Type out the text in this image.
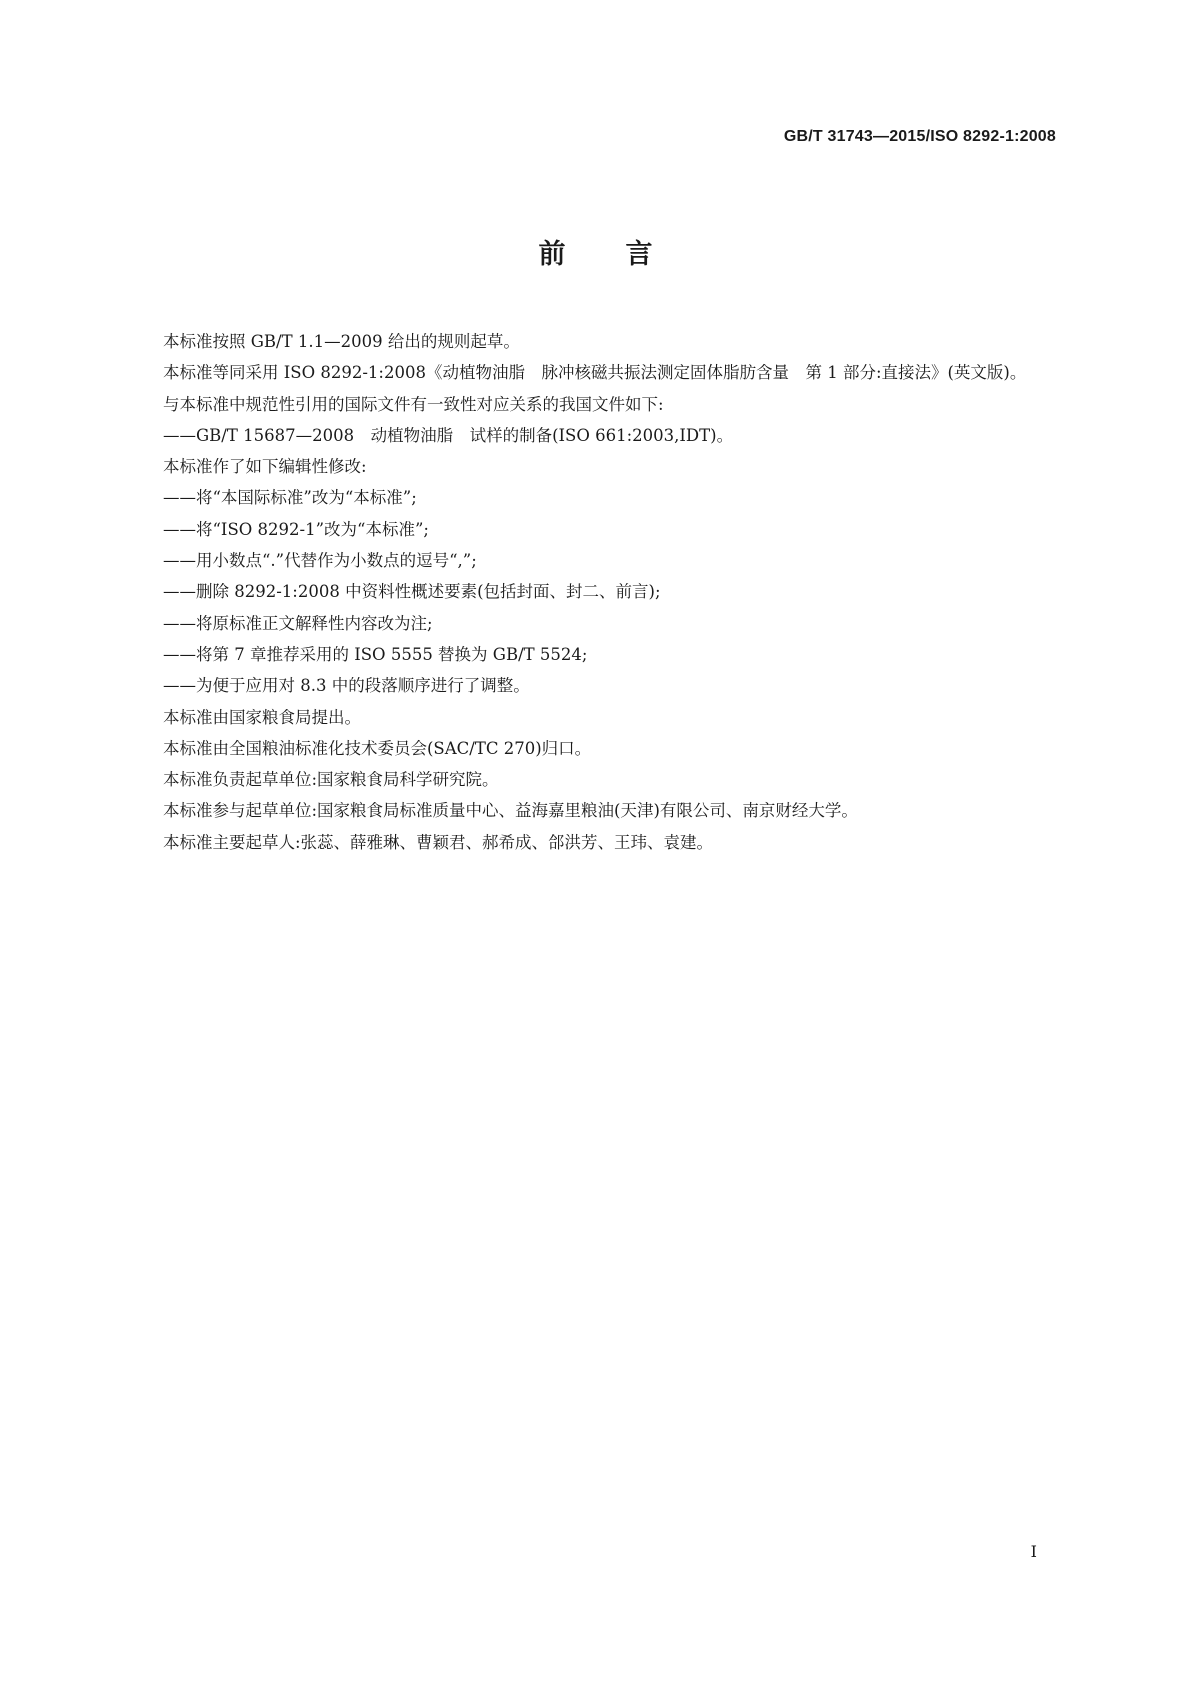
GB/T 31743—2015/ISO 8292-1:2008
前言

本标准按照 GB/T 1.1—2009 给出的规则起草。

本标准等同采用 ISO 8292-1:2008《动植物油脂　脉冲核磁共振法测定固体脂肪含量　第 1 部分:直接法》(英文版)。

与本标准中规范性引用的国际文件有一致性对应关系的我国文件如下:

——GB/T 15687—2008　动植物油脂　试样的制备(ISO 661:2003,IDT)。

本标准作了如下编辑性修改:

——将“本国际标准”改为“本标准”;

——将“ISO 8292-1”改为“本标准”;

——用小数点“.”代替作为小数点的逗号“,”;

——删除 8292-1:2008 中资料性概述要素(包括封面、封二、前言);

——将原标准正文解释性内容改为注;

——将第 7 章推荐采用的 ISO 5555 替换为 GB/T 5524;

——为便于应用对 8.3 中的段落顺序进行了调整。

本标准由国家粮食局提出。

本标准由全国粮油标准化技术委员会(SAC/TC 270)归口。

本标准负责起草单位:国家粮食局科学研究院。

本标准参与起草单位:国家粮食局标准质量中心、益海嘉里粮油(天津)有限公司、南京财经大学。

本标准主要起草人:张蕊、薛雅琳、曹颖君、郝希成、郃洪芳、王玮、袁建。

I
